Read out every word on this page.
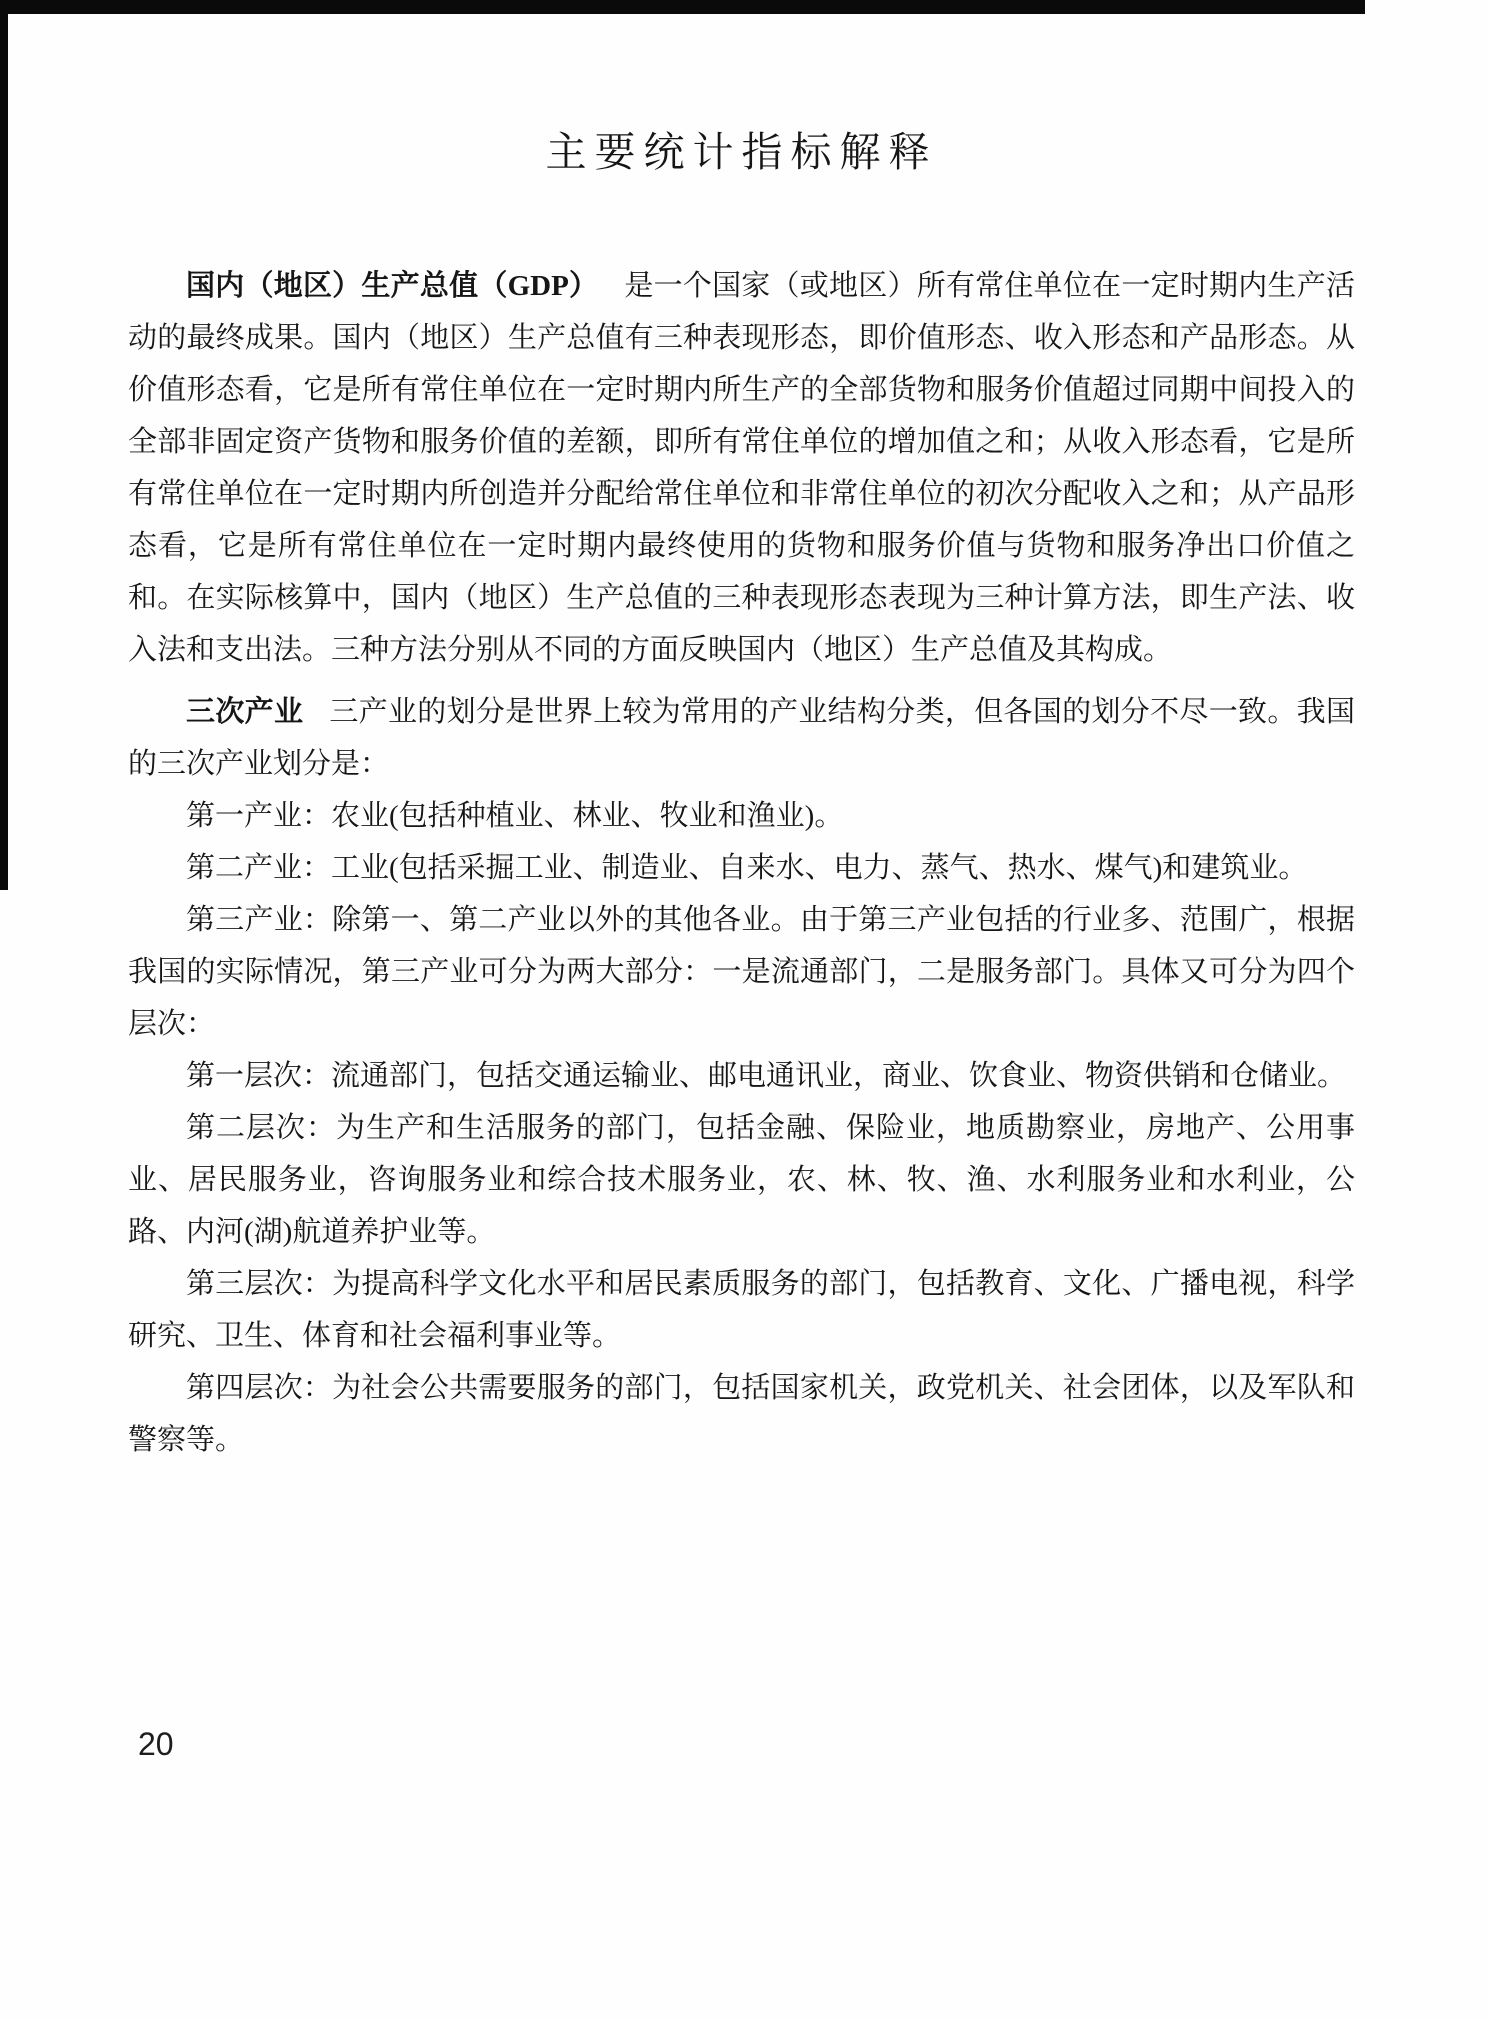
主要统计指标解释

国内（地区）生产总值（GDP） 是一个国家（或地区）所有常住单位在一定时期内生产活动的最终成果。国内（地区）生产总值有三种表现形态，即价值形态、收入形态和产品形态。从价值形态看，它是所有常住单位在一定时期内所生产的全部货物和服务价值超过同期中间投入的全部非固定资产货物和服务价值的差额，即所有常住单位的增加值之和；从收入形态看，它是所有常住单位在一定时期内所创造并分配给常住单位和非常住单位的初次分配收入之和；从产品形态看，它是所有常住单位在一定时期内最终使用的货物和服务价值与货物和服务净出口价值之和。在实际核算中，国内（地区）生产总值的三种表现形态表现为三种计算方法，即生产法、收入法和支出法。三种方法分别从不同的方面反映国内（地区）生产总值及其构成。

三次产业 三产业的划分是世界上较为常用的产业结构分类，但各国的划分不尽一致。我国的三次产业划分是：

第一产业：农业(包括种植业、林业、牧业和渔业)。

第二产业：工业(包括采掘工业、制造业、自来水、电力、蒸气、热水、煤气)和建筑业。

第三产业：除第一、第二产业以外的其他各业。由于第三产业包括的行业多、范围广，根据我国的实际情况，第三产业可分为两大部分：一是流通部门，二是服务部门。具体又可分为四个层次：

第一层次：流通部门，包括交通运输业、邮电通讯业，商业、饮食业、物资供销和仓储业。

第二层次：为生产和生活服务的部门，包括金融、保险业，地质勘察业，房地产、公用事业、居民服务业，咨询服务业和综合技术服务业，农、林、牧、渔、水利服务业和水利业，公路、内河(湖)航道养护业等。

第三层次：为提高科学文化水平和居民素质服务的部门，包括教育、文化、广播电视，科学研究、卫生、体育和社会福利事业等。

第四层次：为社会公共需要服务的部门，包括国家机关，政党机关、社会团体，以及军队和警察等。

20
